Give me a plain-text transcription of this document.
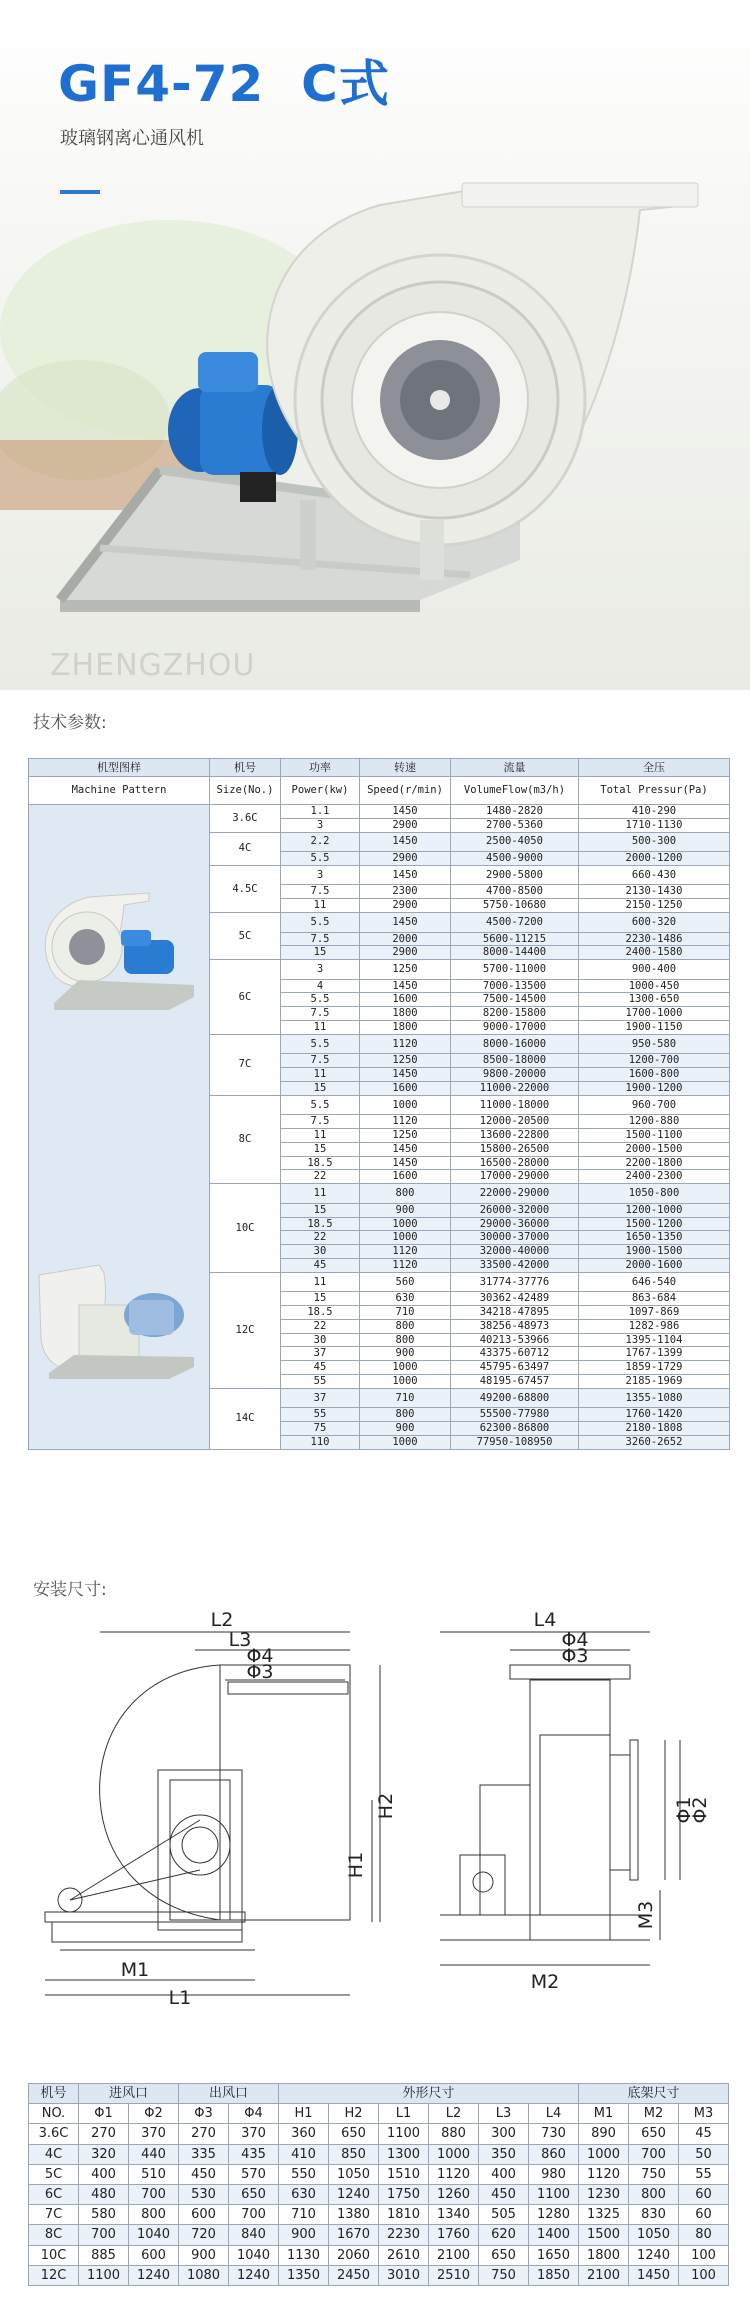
GF4-72  C式
玻璃钢离心通风机
ZHENGZHOU
技术参数:
机型图样	机号	功率	转速	流量	全压
Machine Pattern	Size(No.)	Power(kw)	Speed(r/min)	VolumeFlow(m3/h)	Total Pressur(Pa)
	3.6C	1.1	1450	1480-2820	410-290
		3	2900	2700-5360	1710-1130
	4C	2.2	1450	2500-4050	500-300
		5.5	2900	4500-9000	2000-1200
	4.5C	3	1450	2900-5800	660-430
		7.5	2300	4700-8500	2130-1430
		11	2900	5750-10680	2150-1250
	5C	5.5	1450	4500-7200	600-320
		7.5	2000	5600-11215	2230-1486
		15	2900	8000-14400	2400-1580
	6C	3	1250	5700-11000	900-400
		4	1450	7000-13500	1000-450
		5.5	1600	7500-14500	1300-650
		7.5	1800	8200-15800	1700-1000
		11	1800	9000-17000	1900-1150
	7C	5.5	1120	8000-16000	950-580
		7.5	1250	8500-18000	1200-700
		11	1450	9800-20000	1600-800
		15	1600	11000-22000	1900-1200
	8C	5.5	1000	11000-18000	960-700
		7.5	1120	12000-20500	1200-880
		11	1250	13600-22800	1500-1100
		15	1450	15800-26500	2000-1500
		18.5	1450	16500-28000	2200-1800
		22	1600	17000-29000	2400-2300
	10C	11	800	22000-29000	1050-800
		15	900	26000-32000	1200-1000
		18.5	1000	29000-36000	1500-1200
		22	1000	30000-37000	1650-1350
		30	1120	32000-40000	1900-1500
		45	1120	33500-42000	2000-1600
	12C	11	560	31774-37776	646-540
		15	630	30362-42489	863-684
		18.5	710	34218-47895	1097-869
		22	800	38256-48973	1282-986
		30	800	40213-53966	1395-1104
		37	900	43375-60712	1767-1399
		45	1000	45795-63497	1859-1729
		55	1000	48195-67457	2185-1969
	14C	37	710	49200-68800	1355-1080
		55	800	55500-77980	1760-1420
		75	900	62300-86800	2180-1808
		110	1000	77950-108950	3260-2652
安装尺寸:
L2
L3
Φ4
Φ3
H2
H1
M1
L1
L4
Φ4
Φ3
Φ1
Φ2
M3
M2
机号	进风口		出风口		外形尺寸						底架尺寸		
NO.	Φ1	Φ2	Φ3	Φ4	H1	H2	L1	L2	L3	L4	M1	M2	M3
3.6C	270	370	270	370	360	650	1100	880	300	730	890	650	45
4C	320	440	335	435	410	850	1300	1000	350	860	1000	700	50
5C	400	510	450	570	550	1050	1510	1120	400	980	1120	750	55
6C	480	700	530	650	630	1240	1750	1260	450	1100	1230	800	60
7C	580	800	600	700	710	1380	1810	1340	505	1280	1325	830	60
8C	700	1040	720	840	900	1670	2230	1760	620	1400	1500	1050	80
10C	885	600	900	1040	1130	2060	2610	2100	650	1650	1800	1240	100
12C	1100	1240	1080	1240	1350	2450	3010	2510	750	1850	2100	1450	100
